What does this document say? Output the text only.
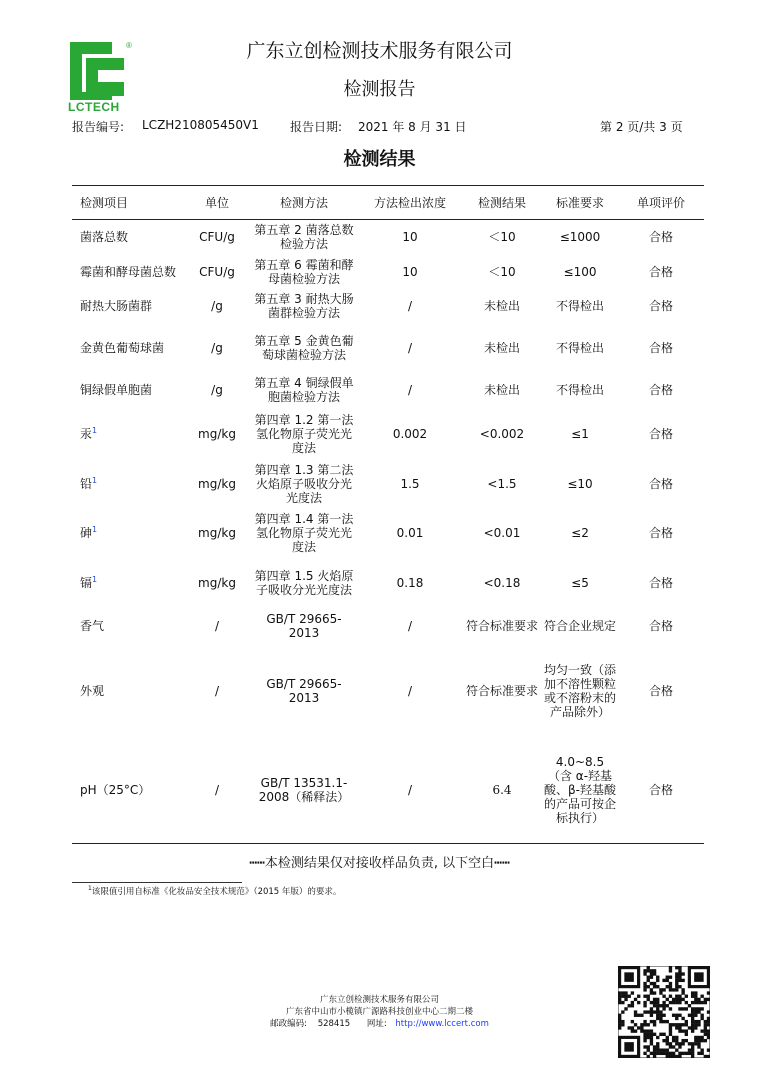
®
LCTECH
广东立创检测技术服务有限公司
检测报告
报告编号: LCZH210805450V1	报告日期: 2021 年 8 月 31 日	第 2 页/共 3 页
检测结果
检测项目	单位	检测方法	方法检出浓度	检测结果	标准要求	单项评价
菌落总数	CFU/g	第五章 2 菌落总数检验方法	10	＜10	≤1000	合格
霉菌和酵母菌总数	CFU/g	第五章 6 霉菌和酵母菌检验方法	10	＜10	≤100	合格
耐热大肠菌群	/g	第五章 3 耐热大肠菌群检验方法	/	未检出	不得检出	合格
金黄色葡萄球菌	/g	第五章 5 金黄色葡萄球菌检验方法	/	未检出	不得检出	合格
铜绿假单胞菌	/g	第五章 4 铜绿假单胞菌检验方法	/	未检出	不得检出	合格
汞$^1$	mg/kg	第四章 1.2 第一法 氢化物原子荧光光度法	0.002	<0.002	≤1	合格
铅$^1$	mg/kg	第四章 1.3 第二法 火焰原子吸收分光光度法	1.5	<1.5	≤10	合格
砷$^1$	mg/kg	第四章 1.4 第一法 氢化物原子荧光光度法	0.01	<0.01	≤2	合格
镉$^1$	mg/kg	第四章 1.5 火焰原子吸收分光光度法	0.18	<0.18	≤5	合格
香气	/	GB/T 29665-2013	/	符合标准要求	符合企业规定	合格
外观	/	GB/T 29665-2013	/	符合标准要求	均匀一致（添加不溶性颗粒或不溶粉末的产品除外）	合格
pH（25°C）	/	GB/T 13531.1-2008（稀释法）	/	6.4	4.0~8.5（含 α-羟基酸、β-羟基酸的产品可按企标执行）	合格
┅┅本检测结果仅对接收样品负责, 以下空白┅┅
$^1$该限值引用自标准《化妆品安全技术规范》（2015 年版）的要求。
广东立创检测技术服务有限公司
广东省中山市小榄镇广源路科技创业中心二期二楼
邮政编码: 528415 网址: http://www.lccert.com
